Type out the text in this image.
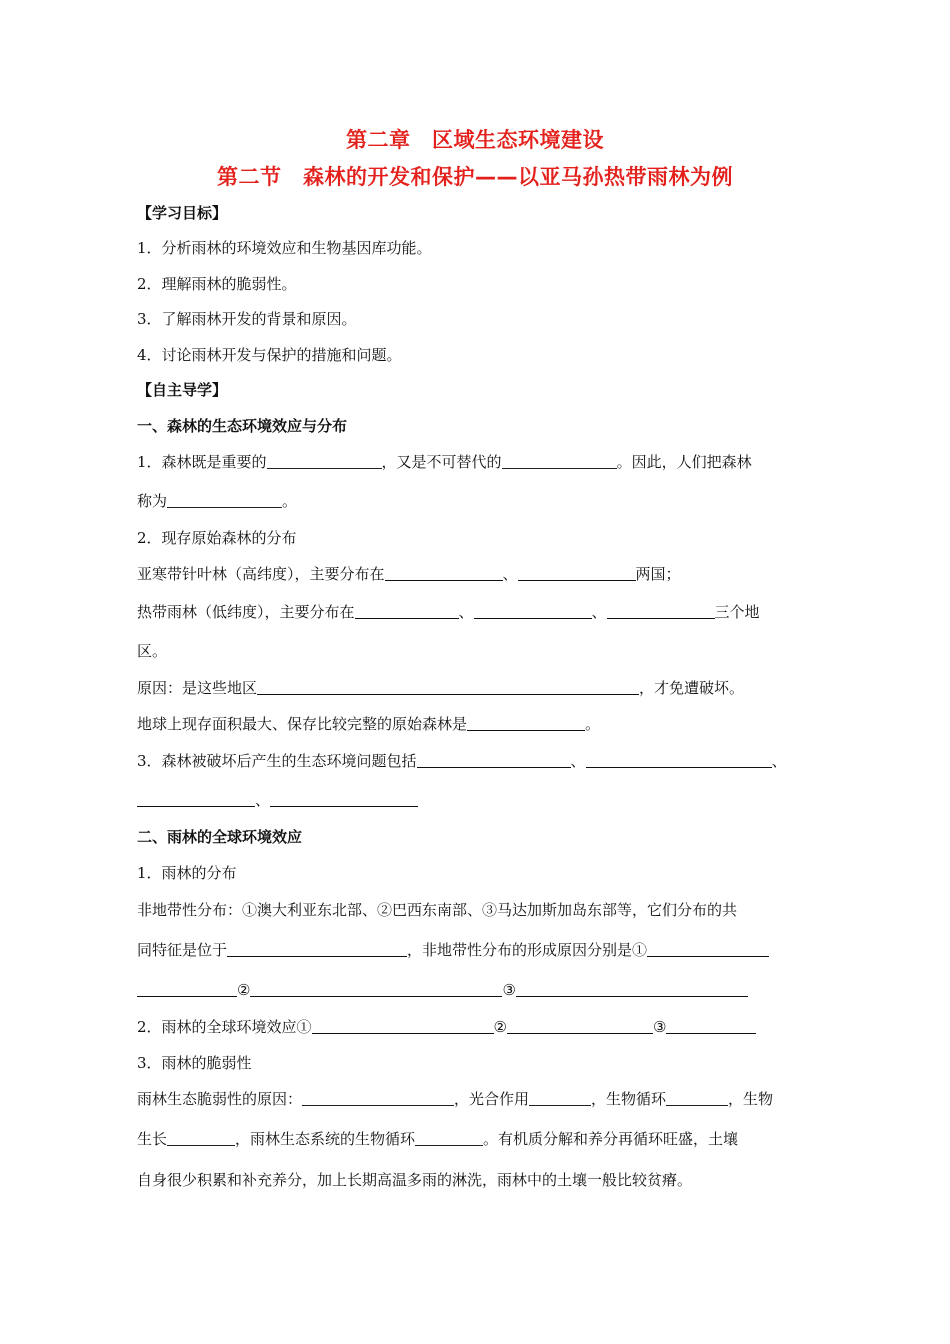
第二章　区域生态环境建设
第二节　森林的开发和保护——以亚马孙热带雨林为例
【学习目标】
1．分析雨林的环境效应和生物基因库功能。
2．理解雨林的脆弱性。
3．了解雨林开发的背景和原因。
4．讨论雨林开发与保护的措施和问题。
【自主导学】
一、森林的生态环境效应与分布
1．森林既是重要的	，又是不可替代的	。因此，人们把森林
称为	。
2．现存原始森林的分布
亚寒带针叶林（高纬度），主要分布在	、	两国；
热带雨林（低纬度），主要分布在	、	、	三个地
区。
原因：是这些地区	，才免遭破坏。
地球上现存面积最大、保存比较完整的原始森林是	。
3．森林被破坏后产生的生态环境问题包括	、	、
、
二、雨林的全球环境效应
1．雨林的分布
非地带性分布：①澳大利亚东北部、②巴西东南部、③马达加斯加岛东部等，它们分布的共
同特征是位于	，非地带性分布的形成原因分别是①
②	③
2．雨林的全球环境效应①	②	③
3．雨林的脆弱性
雨林生态脆弱性的原因：	，光合作用	，生物循环	，生物
生长	，雨林生态系统的生物循环	。有机质分解和养分再循环旺盛，土壤
自身很少积累和补充养分，加上长期高温多雨的淋洗，雨林中的土壤一般比较贫瘠。
